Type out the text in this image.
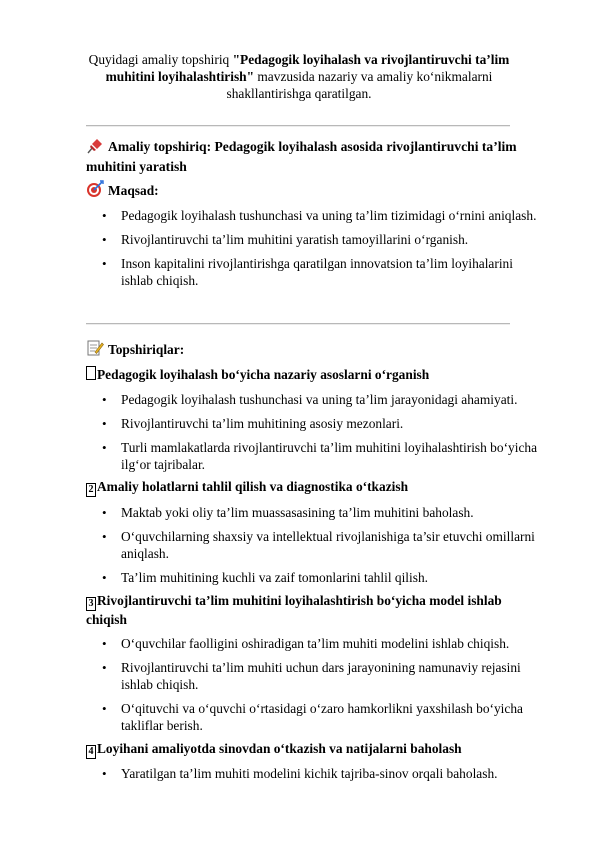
Quyidagi amaliy topshiriq "Pedagogik loyihalash va rivojlantiruvchi ta’lim muhitini loyihalashtirish" mavzusida nazariy va amaliy ko‘nikmalarni shakllantirishga qaratilgan.
Amaliy topshiriq: Pedagogik loyihalash asosida rivojlantiruvchi ta’lim muhitini yaratish
Maqsad:
• Pedagogik loyihalash tushunchasi va uning ta’lim tizimidagi o‘rnini aniqlash.
• Rivojlantiruvchi ta’lim muhitini yaratish tamoyillarini o‘rganish.
• Inson kapitalini rivojlantirishga qaratilgan innovatsion ta’lim loyihalarini ishlab chiqish.
Topshiriqlar:
Pedagogik loyihalash bo‘yicha nazariy asoslarni o‘rganish
• Pedagogik loyihalash tushunchasi va uning ta’lim jarayonidagi ahamiyati.
• Rivojlantiruvchi ta’lim muhitining asosiy mezonlari.
• Turli mamlakatlarda rivojlantiruvchi ta’lim muhitini loyihalashtirish bo‘yicha ilg‘or tajribalar.
2 Amaliy holatlarni tahlil qilish va diagnostika o‘tkazish
• Maktab yoki oliy ta’lim muassasasining ta’lim muhitini baholash.
• O‘quvchilarning shaxsiy va intellektual rivojlanishiga ta’sir etuvchi omillarni aniqlash.
• Ta’lim muhitining kuchli va zaif tomonlarini tahlil qilish.
3 Rivojlantiruvchi ta’lim muhitini loyihalashtirish bo‘yicha model ishlab chiqish
• O‘quvchilar faolligini oshiradigan ta’lim muhiti modelini ishlab chiqish.
• Rivojlantiruvchi ta’lim muhiti uchun dars jarayonining namunaviy rejasini ishlab chiqish.
• O‘qituvchi va o‘quvchi o‘rtasidagi o‘zaro hamkorlikni yaxshilash bo‘yicha takliflar berish.
4 Loyihani amaliyotda sinovdan o‘tkazish va natijalarni baholash
• Yaratilgan ta’lim muhiti modelini kichik tajriba-sinov orqali baholash.
